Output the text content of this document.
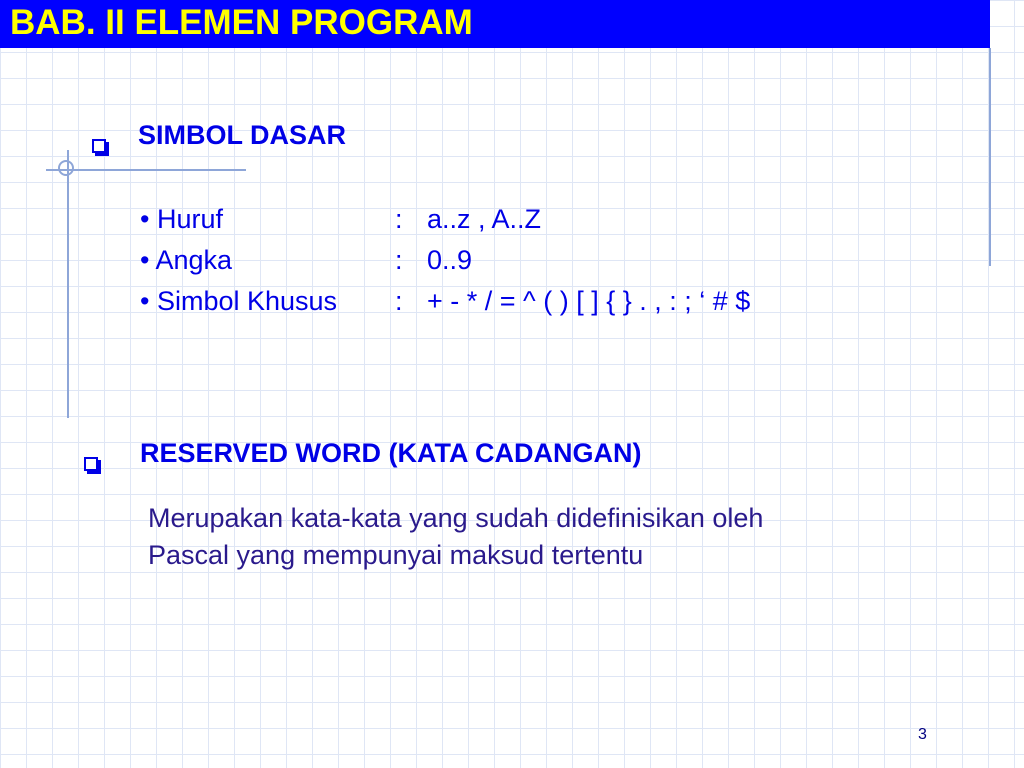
BAB. II ELEMEN PROGRAM
SIMBOL DASAR
• Huruf	: a..z , A..Z
• Angka	: 0..9
• Simbol Khusus : + - * / = ^ ( ) [ ] { } . , : ; ‘ # $
RESERVED WORD (KATA CADANGAN)
Merupakan kata-kata yang sudah didefinisikan oleh
Pascal yang mempunyai maksud tertentu
3
